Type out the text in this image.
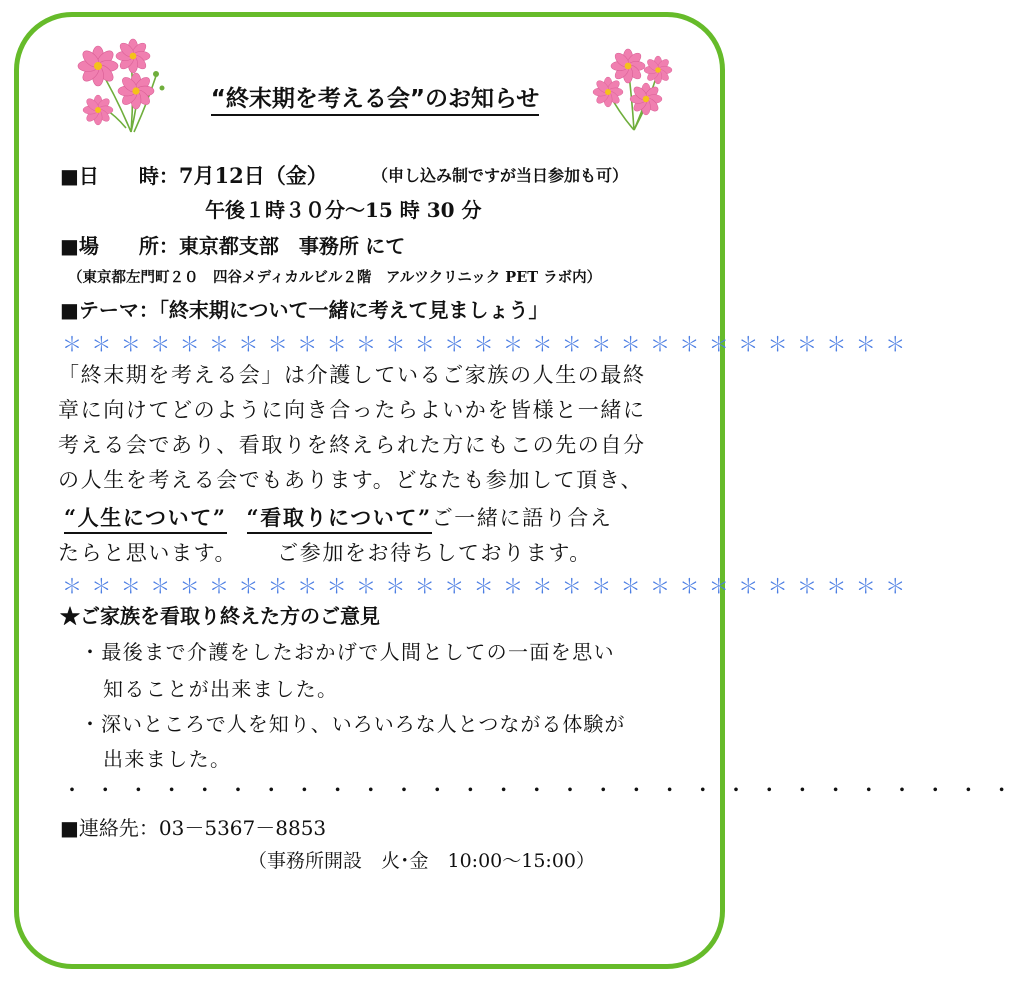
“終末期を考える会”のお知らせ
■日　　時：7月12日（金）	（申し込み制ですが当日参加も可）
午後１時３０分～15 時 30 分
■場　　所：東京都支部　事務所 にて
（東京都左門町２０　四谷メディカルビル２階　アルツクリニック PET ラボ内）
■テーマ：「終末期について一緒に考えて見ましょう」
＊＊＊＊＊＊＊＊＊＊＊＊＊＊＊＊＊＊＊＊＊＊＊＊＊＊＊＊＊
「終末期を考える会」は介護しているご家族の人生の最終
章に向けてどのように向き合ったらよいかを皆様と一緒に
考える会であり、看取りを終えられた方にもこの先の自分
の人生を考える会でもあります。どなたも参加して頂き、
“人生について” “看取りについて”ご一緒に語り合え
たらと思います。 ご参加をお待ちしております。
＊＊＊＊＊＊＊＊＊＊＊＊＊＊＊＊＊＊＊＊＊＊＊＊＊＊＊＊＊
★ご家族を看取り終えた方のご意見
・最後まで介護をしたおかげで人間としての一面を思い
知ることが出来ました。
・深いところで人を知り、いろいろな人とつながる体験が
出来ました。
・・・・・・・・・・・・・・・・・・・・・・・・・・・・・
■連絡先：03－5367－8853
（事務所開設　火･金　10:00～15:00）
